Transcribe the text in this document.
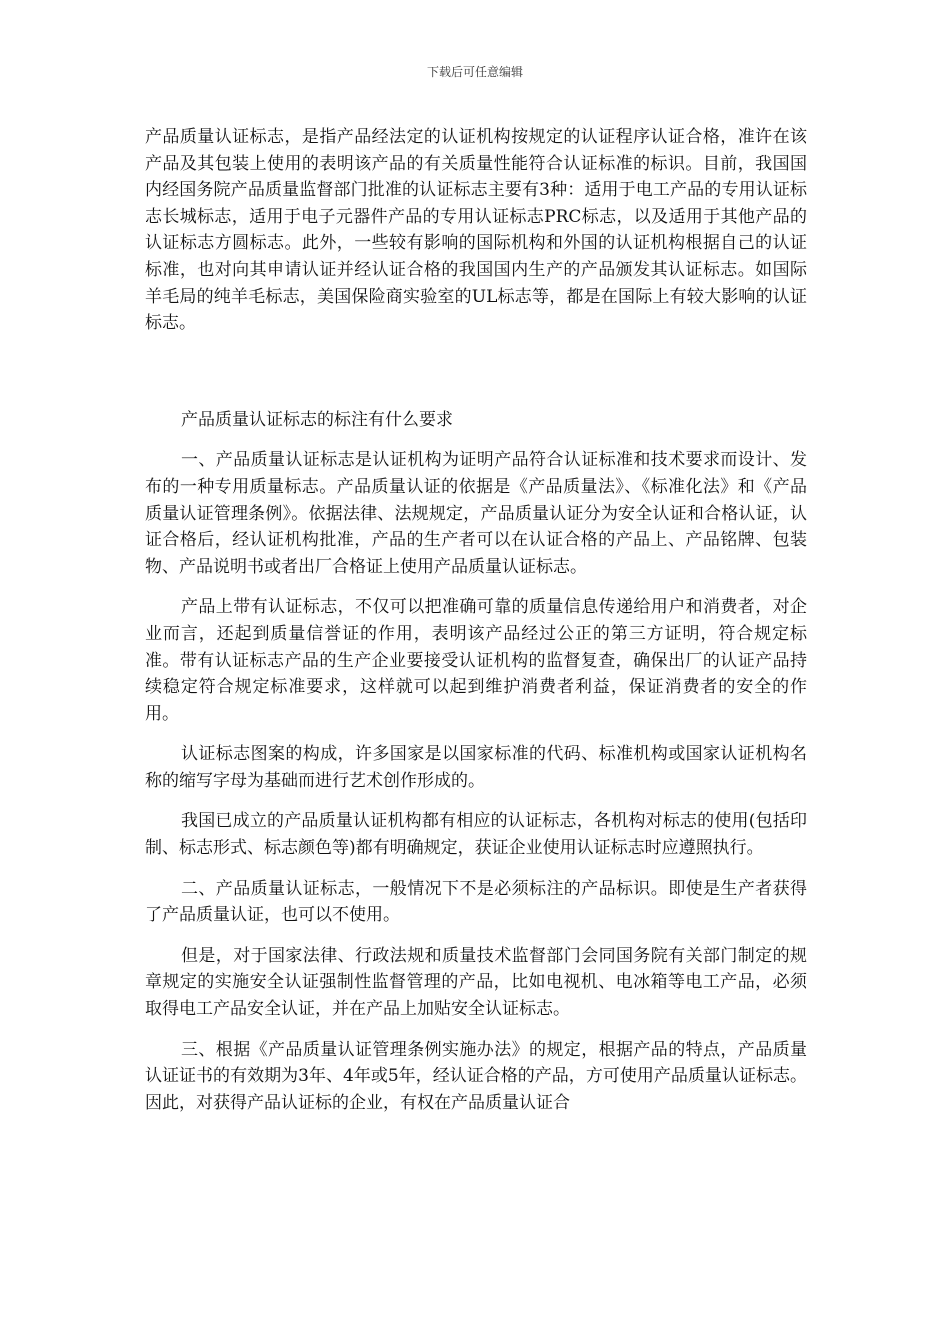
下载后可任意编辑

产品质量认证标志，是指产品经法定的认证机构按规定的认证程序认证合格，准许在该产品及其包装上使用的表明该产品的有关质量性能符合认证标准的标识。目前，我国国内经国务院产品质量监督部门批准的认证标志主要有3种：适用于电工产品的专用认证标志长城标志，适用于电子元器件产品的专用认证标志PRC标志，以及适用于其他产品的认证标志方圆标志。此外，一些较有影响的国际机构和外国的认证机构根据自己的认证标准，也对向其申请认证并经认证合格的我国国内生产的产品颁发其认证标志。如国际羊毛局的纯羊毛标志，美国保险商实验室的UL标志等，都是在国际上有较大影响的认证标志。

产品质量认证标志的标注有什么要求

一、产品质量认证标志是认证机构为证明产品符合认证标准和技术要求而设计、发布的一种专用质量标志。产品质量认证的依据是《产品质量法》、《标准化法》和《产品质量认证管理条例》。依据法律、法规规定，产品质量认证分为安全认证和合格认证，认证合格后，经认证机构批准，产品的生产者可以在认证合格的产品上、产品铭牌、包装物、产品说明书或者出厂合格证上使用产品质量认证标志。

产品上带有认证标志，不仅可以把准确可靠的质量信息传递给用户和消费者，对企业而言，还起到质量信誉证的作用，表明该产品经过公正的第三方证明，符合规定标准。带有认证标志产品的生产企业要接受认证机构的监督复查，确保出厂的认证产品持续稳定符合规定标准要求，这样就可以起到维护消费者利益，保证消费者的安全的作用。

认证标志图案的构成，许多国家是以国家标准的代码、标准机构或国家认证机构名称的缩写字母为基础而进行艺术创作形成的。

我国已成立的产品质量认证机构都有相应的认证标志，各机构对标志的使用(包括印制、标志形式、标志颜色等)都有明确规定，获证企业使用认证标志时应遵照执行。

二、产品质量认证标志，一般情况下不是必须标注的产品标识。即使是生产者获得了产品质量认证，也可以不使用。

但是，对于国家法律、行政法规和质量技术监督部门会同国务院有关部门制定的规章规定的实施安全认证强制性监督管理的产品，比如电视机、电冰箱等电工产品，必须取得电工产品安全认证，并在产品上加贴安全认证标志。

三、根据《产品质量认证管理条例实施办法》的规定，根据产品的特点，产品质量认证证书的有效期为3年、4年或5年，经认证合格的产品，方可使用产品质量认证标志。因此，对获得产品认证标的企业，有权在产品质量认证合
